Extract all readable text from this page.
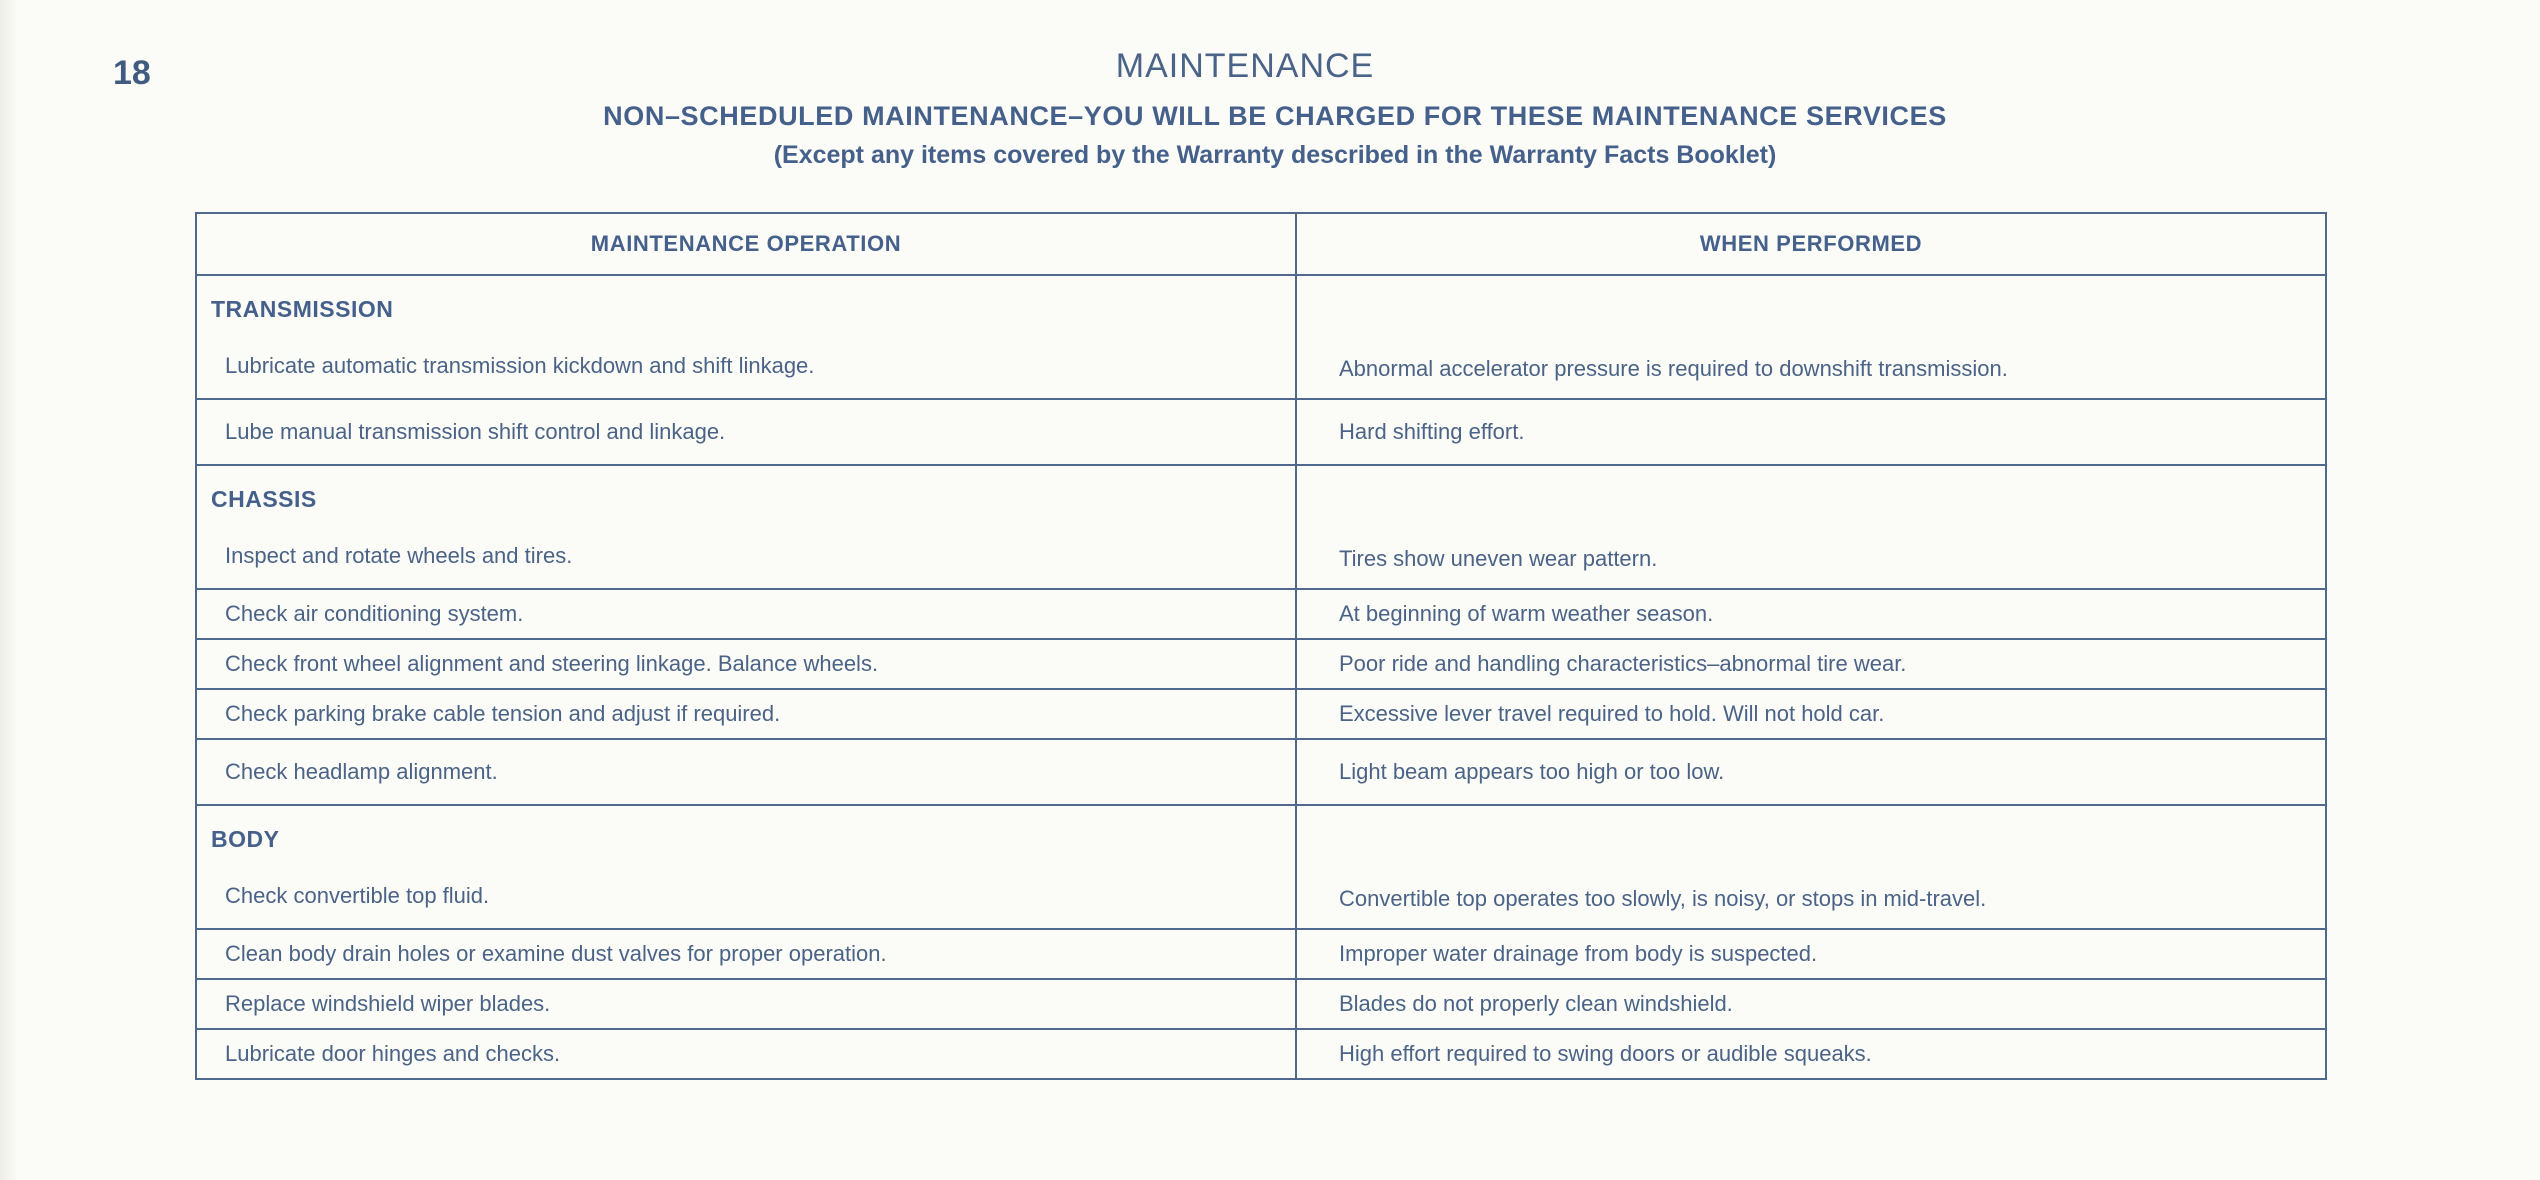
18	MAINTENANCE
NON–SCHEDULED MAINTENANCE–YOU WILL BE CHARGED FOR THESE MAINTENANCE SERVICES
(Except any items covered by the Warranty described in the Warranty Facts Booklet)
MAINTENANCE OPERATION	WHEN PERFORMED

TRANSMISSION
Lubricate automatic transmission kickdown and shift linkage.	Abnormal accelerator pressure is required to downshift transmission.

Lube manual transmission shift control and linkage.	Hard shifting effort.

CHASSIS
Inspect and rotate wheels and tires.	Tires show uneven wear pattern.

Check air conditioning system.	At beginning of warm weather season.
Check front wheel alignment and steering linkage. Balance wheels.	Poor ride and handling characteristics–abnormal tire wear.
Check parking brake cable tension and adjust if required.	Excessive lever travel required to hold. Will not hold car.
Check headlamp alignment.	Light beam appears too high or too low.

BODY
Check convertible top fluid.	Convertible top operates too slowly, is noisy, or stops in mid-travel.

Clean body drain holes or examine dust valves for proper operation.	Improper water drainage from body is suspected.
Replace windshield wiper blades.	Blades do not properly clean windshield.
Lubricate door hinges and checks.	High effort required to swing doors or audible squeaks.
